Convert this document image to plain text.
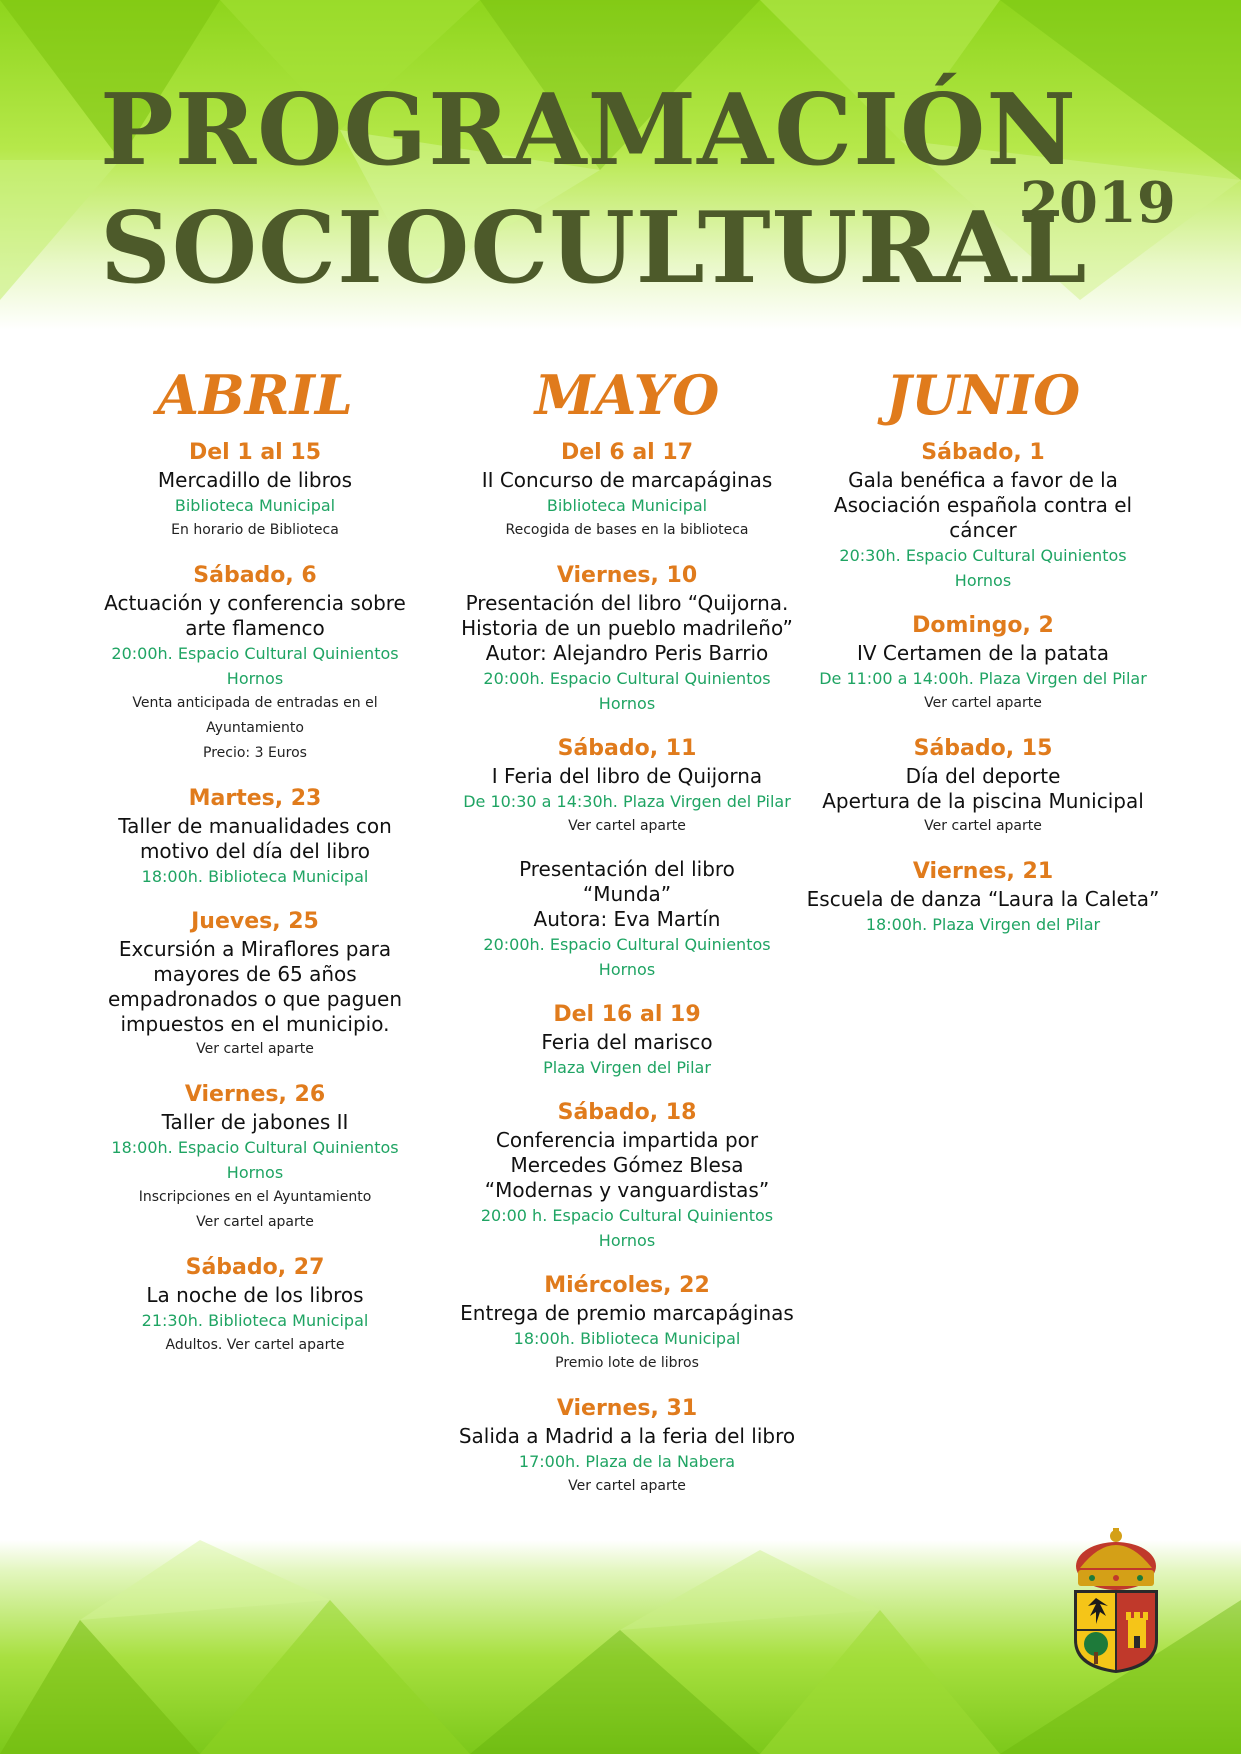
PROGRAMACIÓN
SOCIOCULTURAL
2019
ABRIL
Del 1 al 15
Mercadillo de libros
Biblioteca Municipal
En horario de Biblioteca
Sábado, 6
Actuación y conferencia sobre
arte flamenco
20:00h. Espacio Cultural Quinientos
Hornos
Venta anticipada de entradas en el
Ayuntamiento
Precio: 3 Euros
Martes, 23
Taller de manualidades con
motivo del día del libro
18:00h. Biblioteca Municipal
Jueves, 25
Excursión a Miraflores para
mayores de 65 años
empadronados o que paguen
impuestos en el municipio.
Ver cartel aparte
Viernes, 26
Taller de jabones II
18:00h. Espacio Cultural Quinientos
Hornos
Inscripciones en el Ayuntamiento
Ver cartel aparte
Sábado, 27
La noche de los libros
21:30h. Biblioteca Municipal
Adultos. Ver cartel aparte
MAYO
Del 6 al 17
II Concurso de marcapáginas
Biblioteca Municipal
Recogida de bases en la biblioteca
Viernes, 10
Presentación del libro “Quijorna.
Historia de un pueblo madrileño”
Autor: Alejandro Peris Barrio
20:00h. Espacio Cultural Quinientos
Hornos
Sábado, 11
I Feria del libro de Quijorna
De 10:30 a 14:30h. Plaza Virgen del Pilar
Ver cartel aparte
Presentación del libro
“Munda”
Autora: Eva Martín
20:00h. Espacio Cultural Quinientos
Hornos
Del 16 al 19
Feria del marisco
Plaza Virgen del Pilar
Sábado, 18
Conferencia impartida por
Mercedes Gómez Blesa
“Modernas y vanguardistas”
20:00 h. Espacio Cultural Quinientos
Hornos
Miércoles, 22
Entrega de premio marcapáginas
18:00h. Biblioteca Municipal
Premio lote de libros
Viernes, 31
Salida a Madrid a la feria del libro
17:00h. Plaza de la Nabera
Ver cartel aparte
JUNIO
Sábado, 1
Gala benéfica a favor de la
Asociación española contra el
cáncer
20:30h. Espacio Cultural Quinientos
Hornos
Domingo, 2
IV Certamen de la patata
De 11:00 a 14:00h. Plaza Virgen del Pilar
Ver cartel aparte
Sábado, 15
Día del deporte
Apertura de la piscina Municipal
Ver cartel aparte
Viernes, 21
Escuela de danza “Laura la Caleta”
18:00h. Plaza Virgen del Pilar
